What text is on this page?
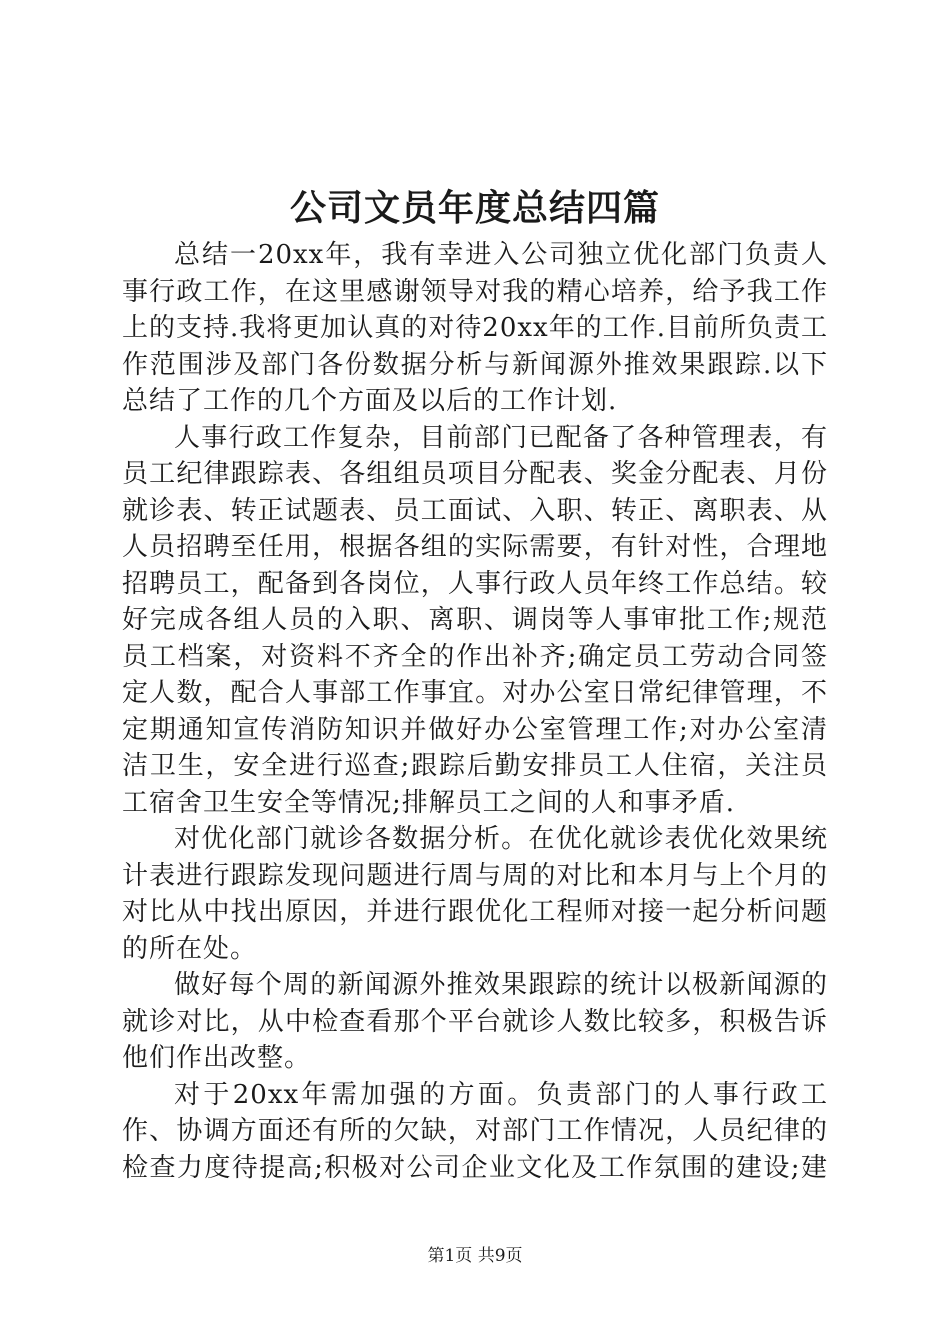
公司文员年度总结四篇

总结一20xx年，我有幸进入公司独立优化部门负责人事行政工作，在这里感谢领导对我的精心培养，给予我工作上的支持.我将更加认真的对待20xx年的工作.目前所负责工作范围涉及部门各份数据分析与新闻源外推效果跟踪.以下总结了工作的几个方面及以后的工作计划.

人事行政工作复杂，目前部门已配备了各种管理表，有员工纪律跟踪表、各组组员项目分配表、奖金分配表、月份就诊表、转正试题表、员工面试、入职、转正、离职表、从人员招聘至任用，根据各组的实际需要，有针对性，合理地招聘员工，配备到各岗位，人事行政人员年终工作总结。较好完成各组人员的入职、离职、调岗等人事审批工作;规范员工档案，对资料不齐全的作出补齐;确定员工劳动合同签定人数，配合人事部工作事宜。对办公室日常纪律管理，不定期通知宣传消防知识并做好办公室管理工作;对办公室清洁卫生，安全进行巡查;跟踪后勤安排员工人住宿，关注员工宿舍卫生安全等情况;排解员工之间的人和事矛盾.

对优化部门就诊各数据分析。在优化就诊表优化效果统计表进行跟踪发现问题进行周与周的对比和本月与上个月的对比从中找出原因，并进行跟优化工程师对接一起分析问题的所在处。

做好每个周的新闻源外推效果跟踪的统计以极新闻源的就诊对比，从中检查看那个平台就诊人数比较多，积极告诉他们作出改整。

对于20xx年需加强的方面。负责部门的人事行政工作、协调方面还有所的欠缺，对部门工作情况，人员纪律的检查力度待提高;积极对公司企业文化及工作氛围的建设;建

第1页 共9页
